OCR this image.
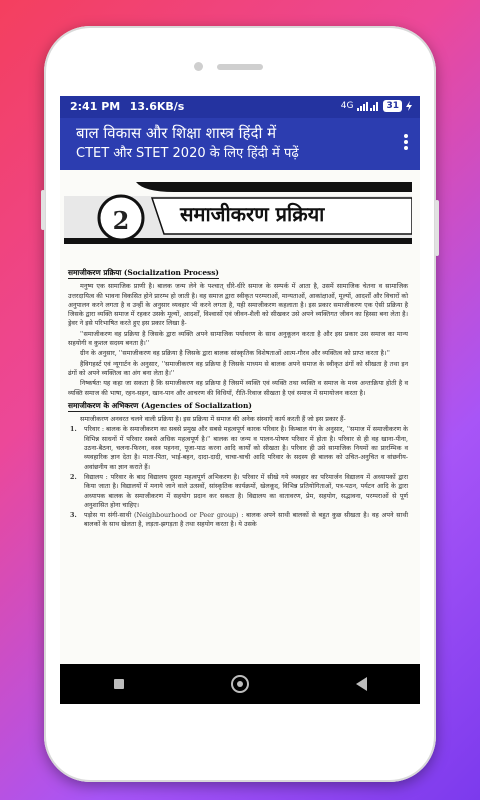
2:41 PM 13.6KB/s	4G	31
बाल विकास और शिक्षा शास्त्र हिंदी में
CTET और STET 2020 के लिए हिंदी में पढ़ें
2	समाजीकरण प्रक्रिया
समाजीकरण प्रक्रिया (Socialization Process)

मनुष्य एक सामाजिक प्राणी है। बालक जन्म लेने के पश्चात् धीरे-धीरे समाज के सम्पर्क में आता है, उसमें सामाजिक चेतना व सामाजिक उत्तरदायित्व की भावना विकसित होने प्रारम्भ हो जाती है। वह समाज द्वारा स्वीकृत परम्पराओं, मान्यताओं, आकांक्षाओं, मूल्यों, आदर्शों और विचारों को अनुपालन करने लगता है व उन्हीं के अनुसार व्यवहार भी करने लगता है, यही समाजीकरण कहलाता है। इस प्रकार समाजीकरण एक ऐसी प्रक्रिया है जिसके द्वारा व्यक्ति समाज में रहकर उसके मूल्यों, आदर्शों, विश्वासों एवं जीवन-शैली को सीखकर उसे अपने व्यक्तिगत जीवन का हिस्सा बना लेता है। ड्रेवर ने इसे परिभाषित करते हुए इस प्रकार लिखा है-

''समाजीकरण वह प्रक्रिया है जिसके द्वारा व्यक्ति अपने सामाजिक पर्यावरण के साथ अनुकूलन करता है और इस प्रकार उस समाज का मान्य सहयोगी व कुशल सदस्य बनता है।''

ग्रीन के अनुसार, ''समाजीकरण वह प्रक्रिया है जिसके द्वारा बालक सांस्कृतिक विशेषताओं आत्म-गौरव और व्यक्तित्व को प्राप्त करता है।''

हैविगहर्स्ट एवं न्यूगार्टन के अनुसार, ''समाजीकरण वह प्रक्रिया है जिसके माध्यम से बालक अपने समाज के स्वीकृत ढंगों को सीखता है तथा इन ढंगों को अपने व्यक्तित्व का अंग बना लेता है।''

निष्कर्षतः यह कहा जा सकता है कि समाजीकरण वह प्रक्रिया है जिसमें व्यक्ति एवं व्यक्ति तथा व्यक्ति व समाज के मध्य अन्तःक्रिया होती है व व्यक्ति समाज की भाषा, रहन-सहन, खान-पान और आचरण की विधियाँ, रीति-रिवाज सीखता है एवं समाज में समायोजन करता है।

समाजीकरण के अभिकरण (Agencies of Socialization)

समाजीकरण अनवरत चलने वाली प्रक्रिया है। इस प्रक्रिया में समाज की अनेक संस्थाएँ कार्य करती हैं जो इस प्रकार हैं-

1. परिवार : बालक के समाजीकरण का सबसे प्रमुख और सबसे महत्वपूर्ण कारक परिवार है। किम्बाल यंग के अनुसार, ''समाज में समाजीकरण के विभिन्न साधनों में परिवार सबसे अधिक महत्वपूर्ण है।'' बालक का जन्म व पालन-पोषण परिवार में होता है। परिवार से ही वह खाना-पीना, उठना-बैठना, चलना-फिरना, वस्त्र पहनना, पूजा-पाठ करना आदि कार्यों को सीखता है। परिवार ही उसे सामाजिक नियमों का प्रारम्भिक व व्यवहारिक ज्ञान देता है। माता-पिता, भाई-बहन, दादा-दादी, चाचा-चाची आदि परिवार के सदस्य ही बालक को उचित-अनुचित व वांछनीय-अवांछनीय का ज्ञान कराते हैं।
2. विद्यालय : परिवार के बाद विद्यालय दूसरा महत्वपूर्ण अभिकरण है। परिवार में सीखे गये व्यवहार का परिमार्जन विद्यालय में अध्यापकों द्वारा किया जाता है। विद्यालयों में मनाये जाने वाले उत्सवों, सांस्कृतिक कार्यक्रमों, खेलकूद, विभिन्न प्रतियोगिताओं, पत्र-पठन, पर्यटन आदि के द्वारा अध्यापक बालक के समाजीकरण में सहयोग प्रदान कर सकता है। विद्यालय का वातावरण, प्रेम, सहयोग, सद्भावना, परम्पराओं से पूर्ण अनुशासित होना चाहिए।
3. पड़ोस या संगी-साथी (Neighbourhood or Peer group) : बालक अपने साथी बालकों से बहुत कुछ सीखता है। वह अपने साथी बालकों के साथ खेलता है, लड़ता-झगड़ता है तथा सहयोग करता है। ये उसके
